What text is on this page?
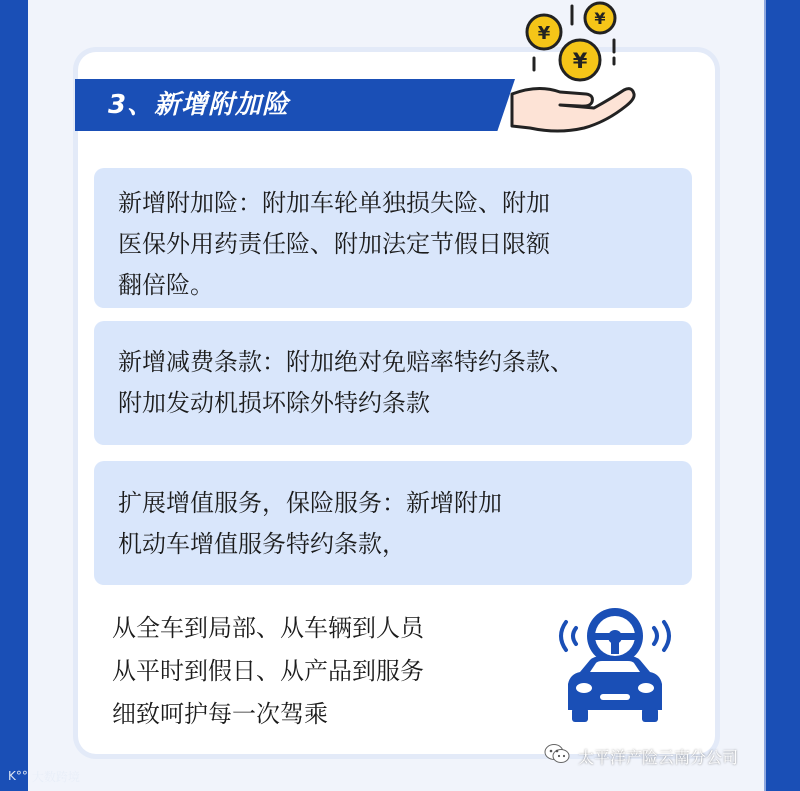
3、新增附加险
¥
¥
¥
新增附加险：附加车轮单独损失险、附加
医保外用药责任险、附加法定节假日限额
翻倍险。
新增减费条款：附加绝对免赔率特约条款、
附加发动机损坏除外特约条款
扩展增值服务，保险服务：新增附加
机动车增值服务特约条款，
从全车到局部、从车辆到人员
从平时到假日、从产品到服务
细致呵护每一次驾乘
K°° 大数跨境
太平洋产险云南分公司
